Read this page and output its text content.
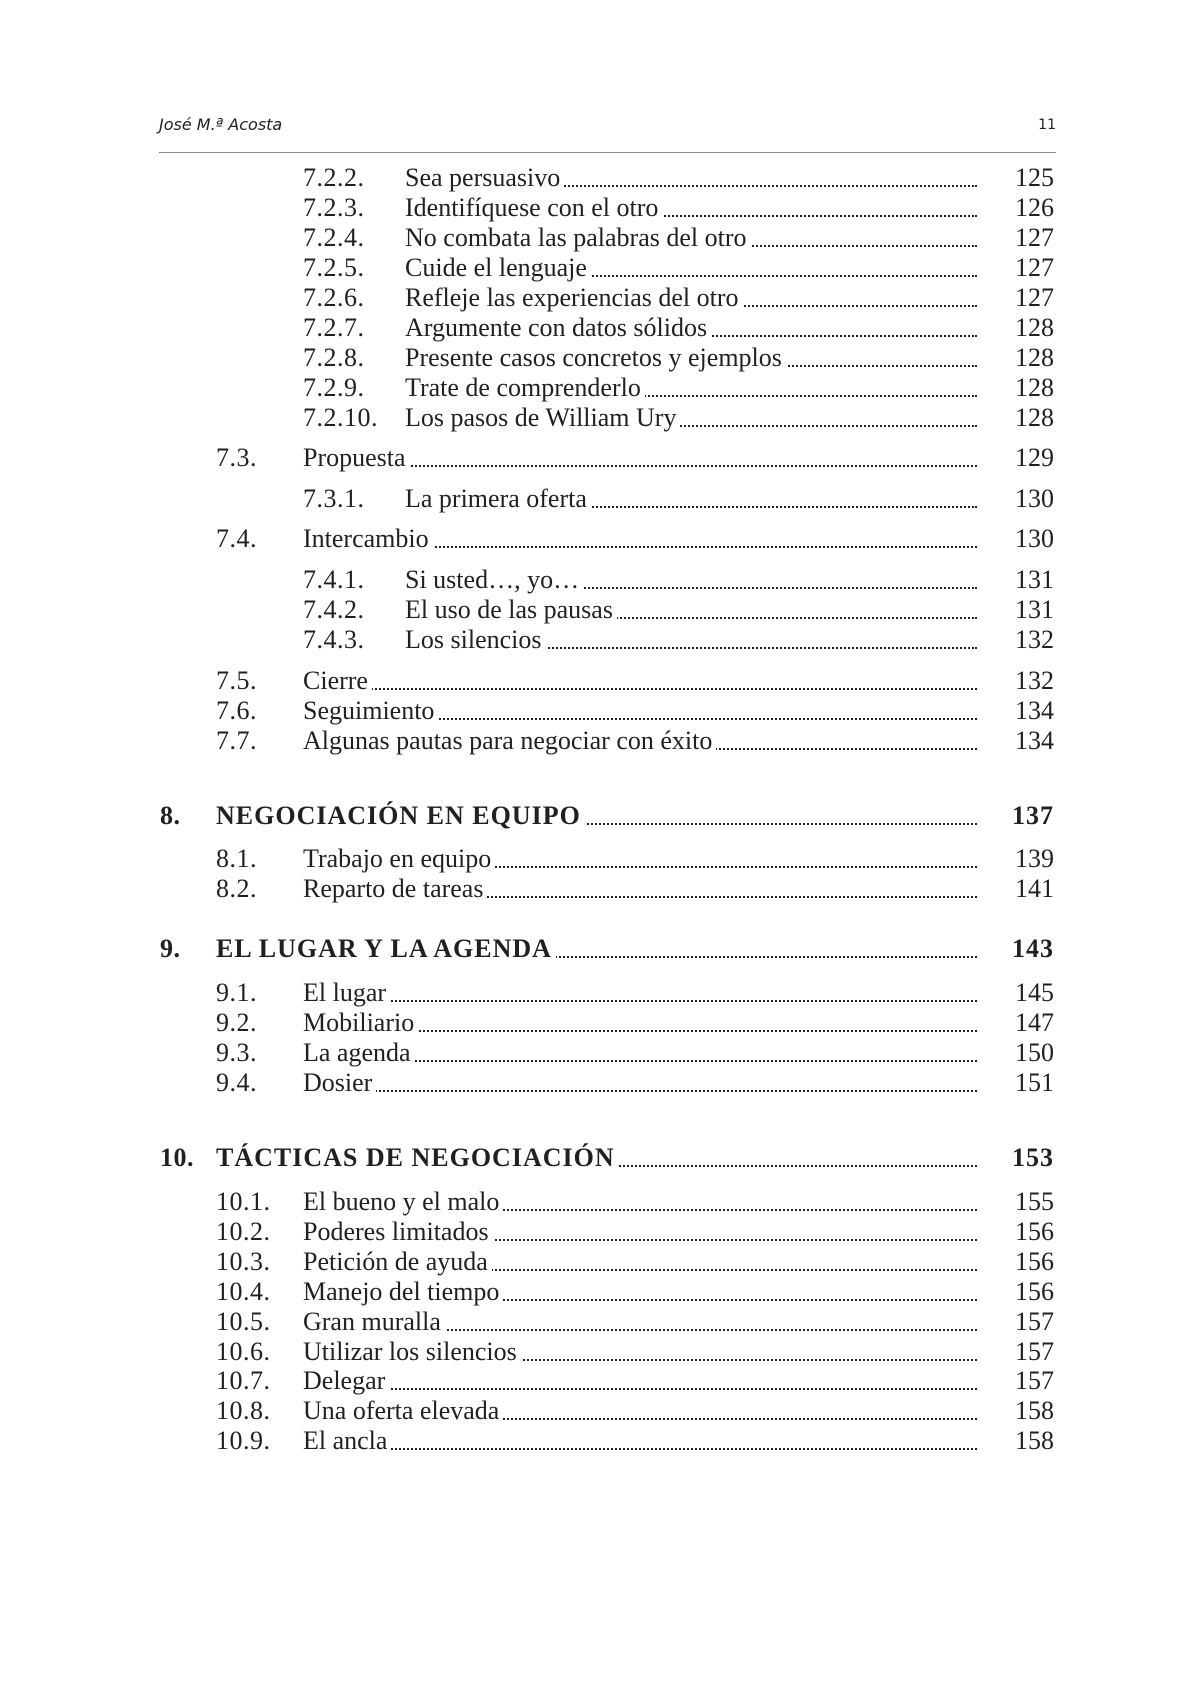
José M.ª Acosta	11
7.2.2. Sea persuasivo	125
7.2.3. Identifíquese con el otro	126
7.2.4. No combata las palabras del otro	127
7.2.5. Cuide el lenguaje	127
7.2.6. Refleje las experiencias del otro	127
7.2.7. Argumente con datos sólidos	128
7.2.8. Presente casos concretos y ejemplos	128
7.2.9. Trate de comprenderlo	128
7.2.10. Los pasos de William Ury	128
7.3. Propuesta	129
7.3.1. La primera oferta	130
7.4. Intercambio	130
7.4.1. Si usted…, yo…	131
7.4.2. El uso de las pausas	131
7.4.3. Los silencios	132
7.5. Cierre	132
7.6. Seguimiento	134
7.7. Algunas pautas para negociar con éxito	134
8. NEGOCIACIÓN EN EQUIPO	137
8.1. Trabajo en equipo	139
8.2. Reparto de tareas	141
9. EL LUGAR Y LA AGENDA	143
9.1. El lugar	145
9.2. Mobiliario	147
9.3. La agenda	150
9.4. Dosier	151
10. TÁCTICAS DE NEGOCIACIÓN	153
10.1. El bueno y el malo	155
10.2. Poderes limitados	156
10.3. Petición de ayuda	156
10.4. Manejo del tiempo	156
10.5. Gran muralla	157
10.6. Utilizar los silencios	157
10.7. Delegar	157
10.8. Una oferta elevada	158
10.9. El ancla	158
